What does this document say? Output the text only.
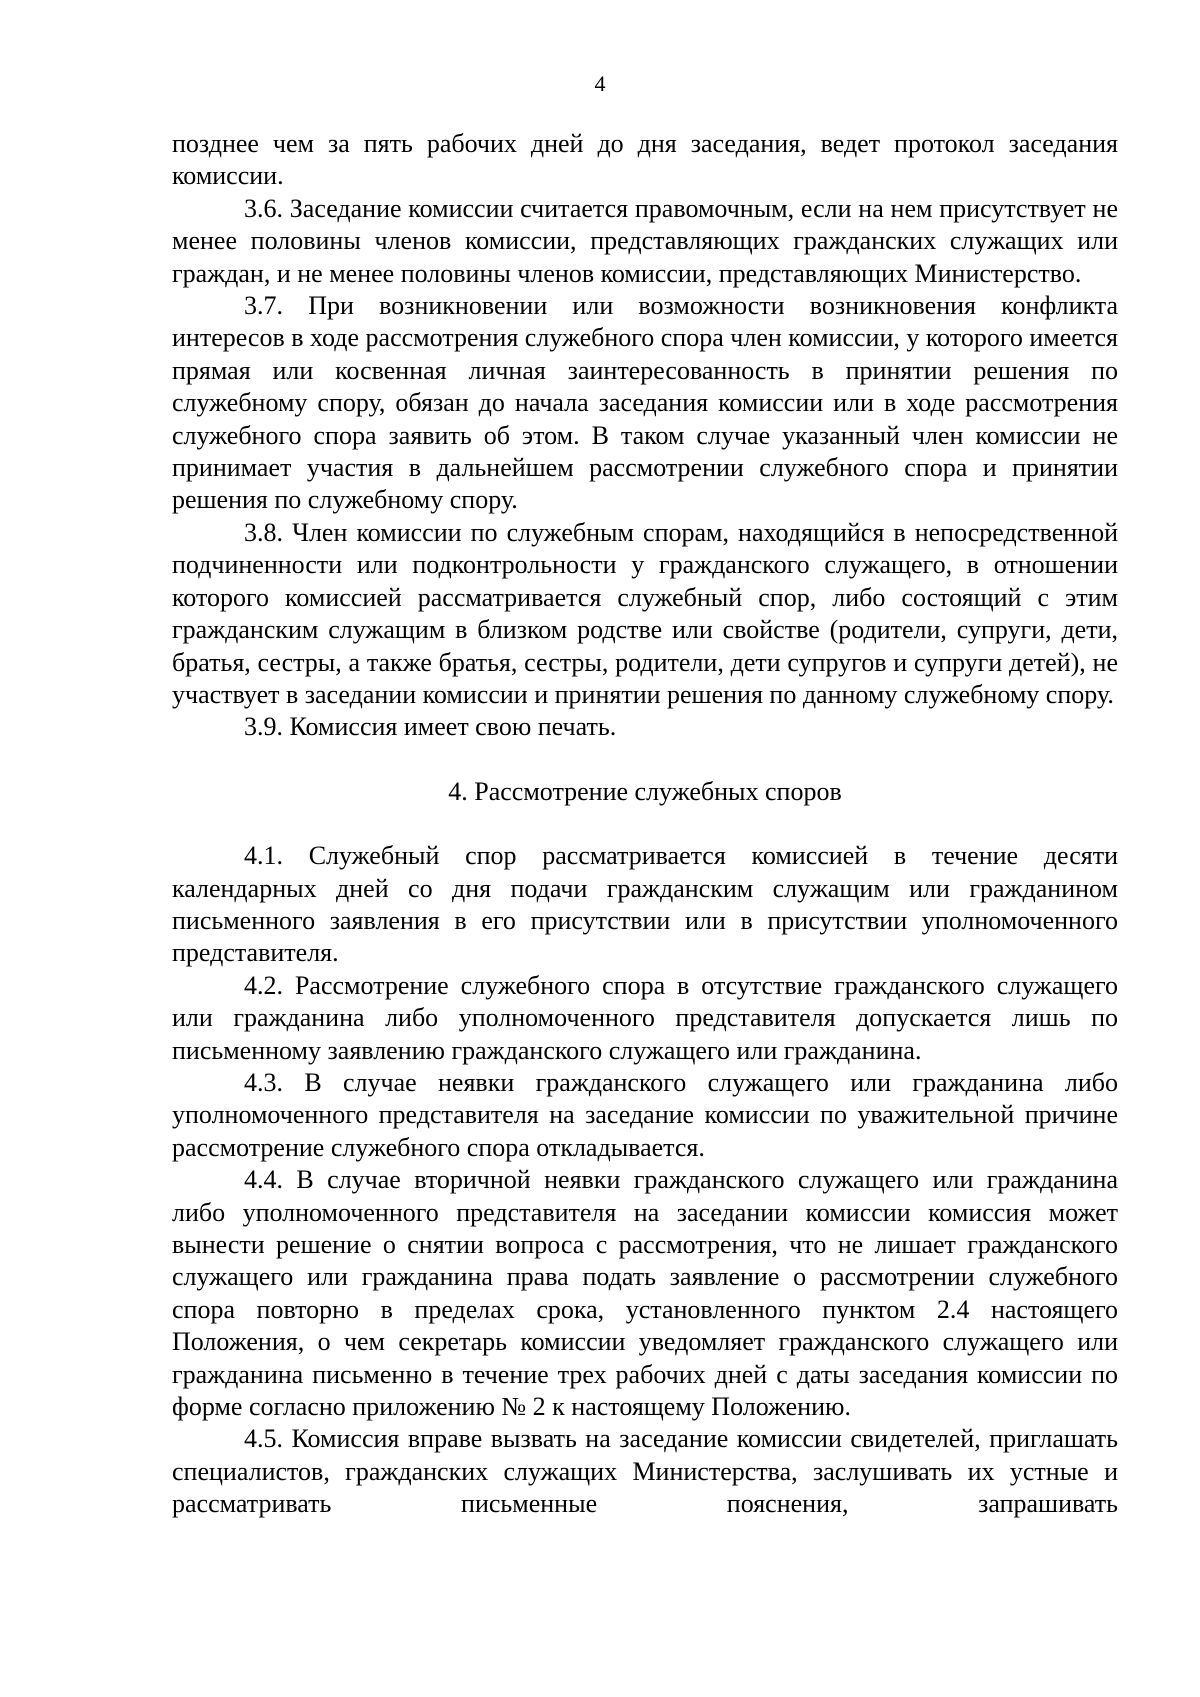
4

позднее чем за пять рабочих дней до дня заседания, ведет протокол заседания комиссии.

3.6. Заседание комиссии считается правомочным, если на нем присутствует не менее половины членов комиссии, представляющих гражданских служащих или граждан, и не менее половины членов комиссии, представляющих Министерство.

3.7. При возникновении или возможности возникновения конфликта интересов в ходе рассмотрения служебного спора член комиссии, у которого имеется прямая или косвенная личная заинтересованность в принятии решения по служебному спору, обязан до начала заседания комиссии или в ходе рассмотрения служебного спора заявить об этом. В таком случае указанный член комиссии не принимает участия в дальнейшем рассмотрении служебного спора и принятии решения по служебному спору.

3.8. Член комиссии по служебным спорам, находящийся в непосредственной подчиненности или подконтрольности у гражданского служащего, в отношении которого комиссией рассматривается служебный спор, либо состоящий с этим гражданским служащим в близком родстве или свойстве (родители, супруги, дети, братья, сестры, а также братья, сестры, родители, дети супругов и супруги детей), не участвует в заседании комиссии и принятии решения по данному служебному спору.

3.9. Комиссия имеет свою печать.

4. Рассмотрение служебных споров

4.1. Служебный спор рассматривается комиссией в течение десяти календарных дней со дня подачи гражданским служащим или гражданином письменного заявления в его присутствии или в присутствии уполномоченного представителя.

4.2. Рассмотрение служебного спора в отсутствие гражданского служащего или гражданина либо уполномоченного представителя допускается лишь по письменному заявлению гражданского служащего или гражданина.

4.3. В случае неявки гражданского служащего или гражданина либо уполномоченного представителя на заседание комиссии по уважительной причине рассмотрение служебного спора откладывается.

4.4. В случае вторичной неявки гражданского служащего или гражданина либо уполномоченного представителя на заседании комиссии комиссия может вынести решение о снятии вопроса с рассмотрения, что не лишает гражданского служащего или гражданина права подать заявление о рассмотрении служебного спора повторно в пределах срока, установленного пунктом 2.4 настоящего Положения, о чем секретарь комиссии уведомляет гражданского служащего или гражданина письменно в течение трех рабочих дней с даты заседания комиссии по форме согласно приложению № 2 к настоящему Положению.

4.5. Комиссия вправе вызвать на заседание комиссии свидетелей, приглашать специалистов, гражданских служащих Министерства, заслушивать их устные и рассматривать письменные пояснения, запрашивать
